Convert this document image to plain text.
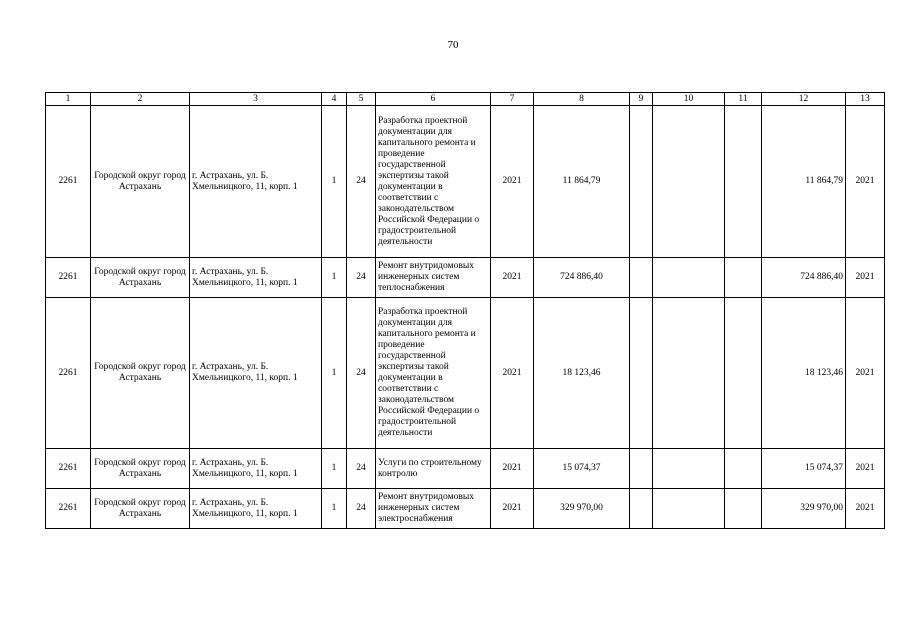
70
1	2	3	4	5	6	7	8	9	10	11	12	13
2261	Городской округ город Астрахань	г. Астрахань, ул. Б. Хмельницкого, 11, корп. 1	1	24	Разработка проектной документации для капитального ремонта и проведение государственной экспертизы такой документации в соответствии с законодательством Российской Федерации о градостроительной деятельности	2021	11 864,79				11 864,79	2021
2261	Городской округ город Астрахань	г. Астрахань, ул. Б. Хмельницкого, 11, корп. 1	1	24	Ремонт внутридомовых инженерных систем теплоснабжения	2021	724 886,40				724 886,40	2021
2261	Городской округ город Астрахань	г. Астрахань, ул. Б. Хмельницкого, 11, корп. 1	1	24	Разработка проектной документации для капитального ремонта и проведение государственной экспертизы такой документации в соответствии с законодательством Российской Федерации о градостроительной деятельности	2021	18 123,46				18 123,46	2021
2261	Городской округ город Астрахань	г. Астрахань, ул. Б. Хмельницкого, 11, корп. 1	1	24	Услуги по строительному контролю	2021	15 074,37				15 074,37	2021
2261	Городской округ город Астрахань	г. Астрахань, ул. Б. Хмельницкого, 11, корп. 1	1	24	Ремонт внутридомовых инженерных систем электроснабжения	2021	329 970,00				329 970,00	2021
